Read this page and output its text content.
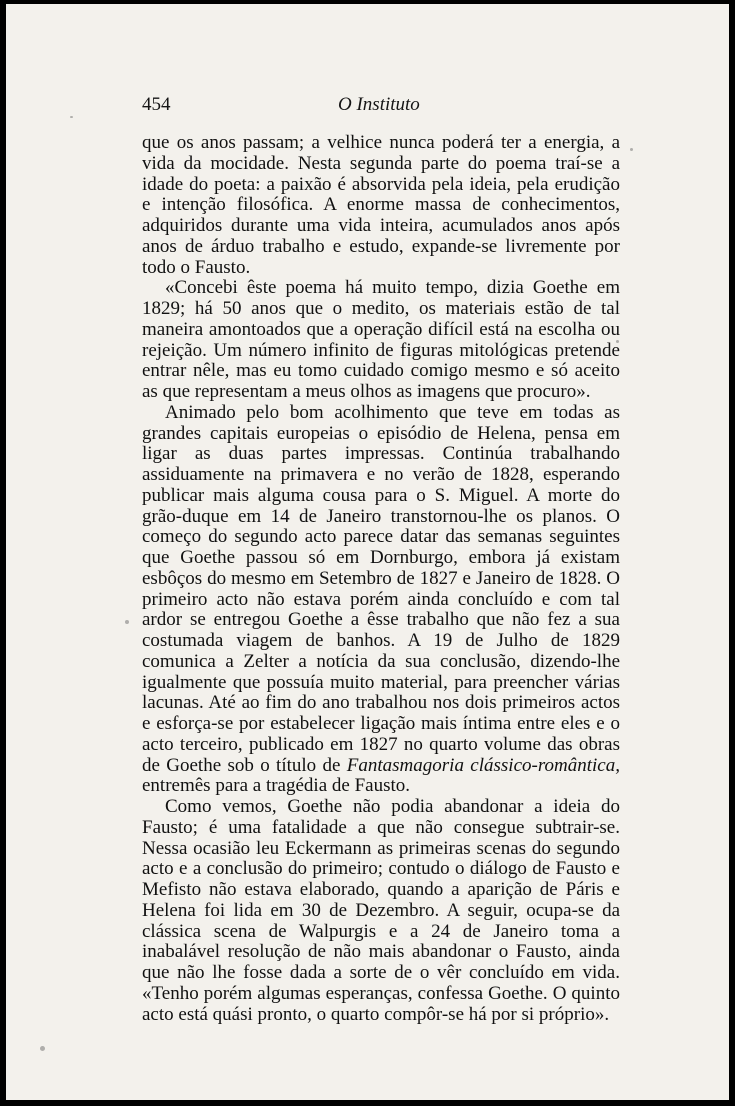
454	O Instituto

que os anos passam; a velhice nunca poderá ter a energia, a vida da mocidade. Nesta segunda parte do poema traí-se a idade do poeta: a paixão é absorvida pela ideia, pela erudição e intenção filosófica. A enorme massa de conhecimentos, adquiridos durante uma vida inteira, acumulados anos após anos de árduo trabalho e estudo, expande-se livremente por todo o Fausto.

«Concebi êste poema há muito tempo, dizia Goethe em 1829; há 50 anos que o medito, os materiais estão de tal maneira amontoados que a operação difícil está na escolha ou rejeição. Um número infinito de figuras mitológicas pretende entrar nêle, mas eu tomo cuidado comigo mesmo e só aceito as que representam a meus olhos as imagens que procuro».

Animado pelo bom acolhimento que teve em todas as grandes capitais europeias o episódio de Helena, pensa em ligar as duas partes impressas. Continúa trabalhando assiduamente na primavera e no verão de 1828, esperando publicar mais alguma cousa para o S. Miguel. A morte do grão-duque em 14 de Janeiro transtornou-lhe os planos. O começo do segundo acto parece datar das semanas seguintes que Goethe passou só em Dornburgo, embora já existam esbôços do mesmo em Setembro de 1827 e Janeiro de 1828. O primeiro acto não estava porém ainda concluído e com tal ardor se entregou Goethe a êsse trabalho que não fez a sua costumada viagem de banhos. A 19 de Julho de 1829 comunica a Zelter a notícia da sua conclusão, dizendo-lhe igualmente que possuía muito material, para preencher várias lacunas. Até ao fim do ano trabalhou nos dois primeiros actos e esforça-se por estabelecer ligação mais íntima entre eles e o acto terceiro, publicado em 1827 no quarto volume das obras de Goethe sob o título de Fantasmagoria clássico-romântica, entremês para a tragédia de Fausto.

Como vemos, Goethe não podia abandonar a ideia do Fausto; é uma fatalidade a que não consegue subtrair-se. Nessa ocasião leu Eckermann as primeiras scenas do segundo acto e a conclusão do primeiro; contudo o diálogo de Fausto e Mefisto não estava elaborado, quando a aparição de Páris e Helena foi lida em 30 de Dezembro. A seguir, ocupa-se da clássica scena de Walpurgis e a 24 de Janeiro toma a inabalável resolução de não mais abandonar o Fausto, ainda que não lhe fosse dada a sorte de o vêr concluído em vida. «Tenho porém algumas esperanças, confessa Goethe. O quinto acto está quási pronto, o quarto compôr-se há por si próprio».
